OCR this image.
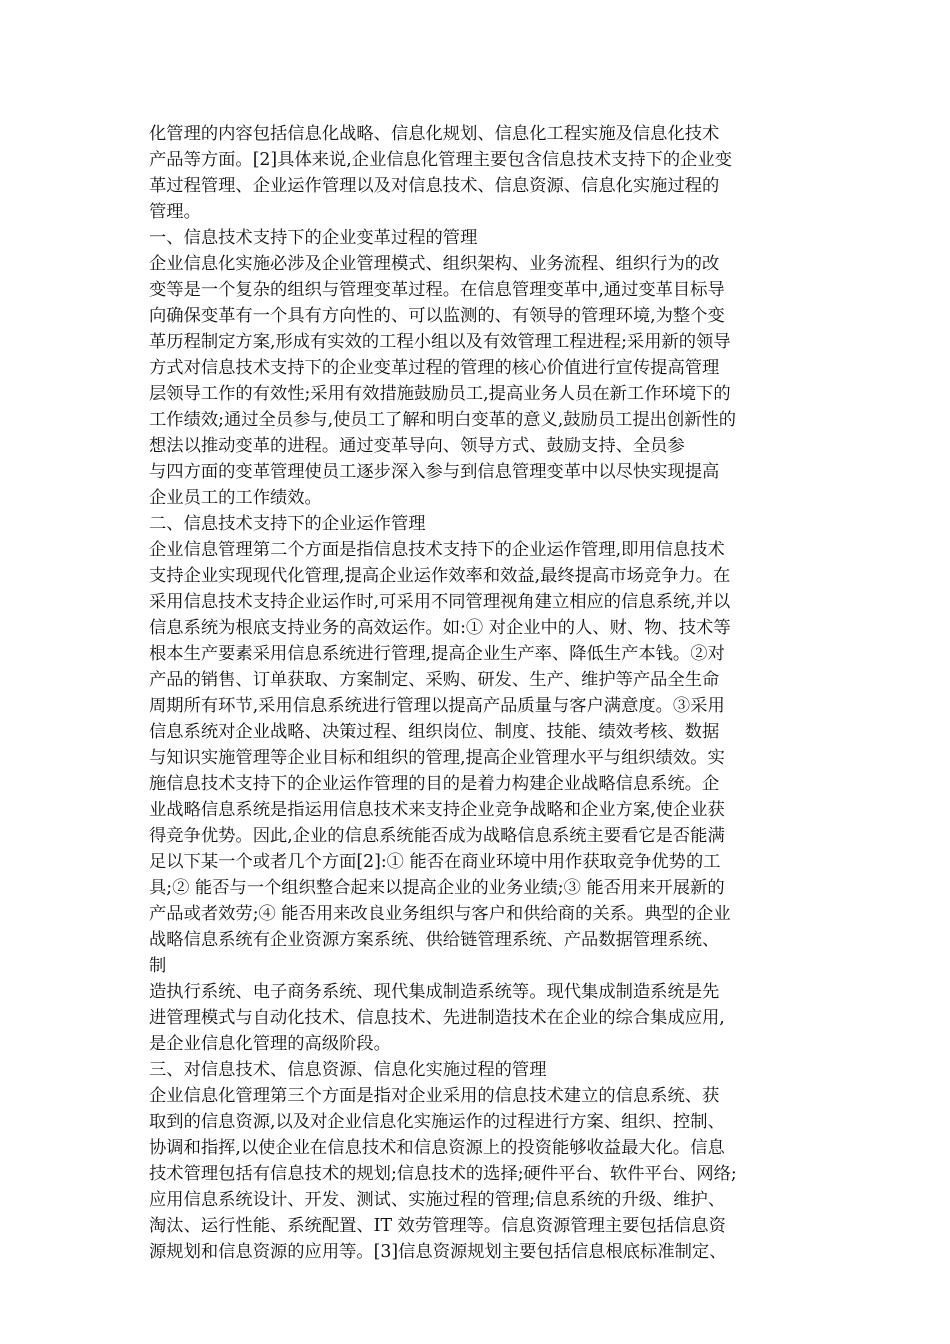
化管理的内容包括信息化战略、信息化规划、信息化工程实施及信息化技术
产品等方面。[2]具体来说,企业信息化管理主要包含信息技术支持下的企业变
革过程管理、企业运作管理以及对信息技术、信息资源、信息化实施过程的
管理。
一、信息技术支持下的企业变革过程的管理
企业信息化实施必涉及企业管理模式、组织架构、业务流程、组织行为的改
变等是一个复杂的组织与管理变革过程。在信息管理变革中,通过变革目标导
向确保变革有一个具有方向性的、可以监测的、有领导的管理环境,为整个变
革历程制定方案,形成有实效的工程小组以及有效管理工程进程;采用新的领导
方式对信息技术支持下的企业变革过程的管理的核心价值进行宣传提高管理
层领导工作的有效性;采用有效措施鼓励员工,提高业务人员在新工作环境下的
工作绩效;通过全员参与,使员工了解和明白变革的意义,鼓励员工提出创新性的
想法以推动变革的进程。通过变革导向、领导方式、鼓励支持、全员参
与四方面的变革管理使员工逐步深入参与到信息管理变革中以尽快实现提高
企业员工的工作绩效。
二、信息技术支持下的企业运作管理
企业信息管理第二个方面是指信息技术支持下的企业运作管理,即用信息技术
支持企业实现现代化管理,提高企业运作效率和效益,最终提高市场竞争力。在
采用信息技术支持企业运作时,可采用不同管理视角建立相应的信息系统,并以
信息系统为根底支持业务的高效运作。如:① 对企业中的人、财、物、技术等
根本生产要素采用信息系统进行管理,提高企业生产率、降低生产本钱。②对
产品的销售、订单获取、方案制定、采购、研发、生产、维护等产品全生命
周期所有环节,采用信息系统进行管理以提高产品质量与客户满意度。③采用
信息系统对企业战略、决策过程、组织岗位、制度、技能、绩效考核、数据
与知识实施管理等企业目标和组织的管理,提高企业管理水平与组织绩效。实
施信息技术支持下的企业运作管理的目的是着力构建企业战略信息系统。企
业战略信息系统是指运用信息技术来支持企业竞争战略和企业方案,使企业获
得竞争优势。因此,企业的信息系统能否成为战略信息系统主要看它是否能满
足以下某一个或者几个方面[2]:① 能否在商业环境中用作获取竞争优势的工
具;② 能否与一个组织整合起来以提高企业的业务业绩;③ 能否用来开展新的
产品或者效劳;④ 能否用来改良业务组织与客户和供给商的关系。典型的企业
战略信息系统有企业资源方案系统、供给链管理系统、产品数据管理系统、
制
造执行系统、电子商务系统、现代集成制造系统等。现代集成制造系统是先
进管理模式与自动化技术、信息技术、先进制造技术在企业的综合集成应用,
是企业信息化管理的高级阶段。
三、对信息技术、信息资源、信息化实施过程的管理
企业信息化管理第三个方面是指对企业采用的信息技术建立的信息系统、获
取到的信息资源,以及对企业信息化实施运作的过程进行方案、组织、控制、
协调和指挥,以使企业在信息技术和信息资源上的投资能够收益最大化。信息
技术管理包括有信息技术的规划;信息技术的选择;硬件平台、软件平台、网络;
应用信息系统设计、开发、测试、实施过程的管理;信息系统的升级、维护、
淘汰、运行性能、系统配置、IT 效劳管理等。信息资源管理主要包括信息资
源规划和信息资源的应用等。[3]信息资源规划主要包括信息根底标准制定、
